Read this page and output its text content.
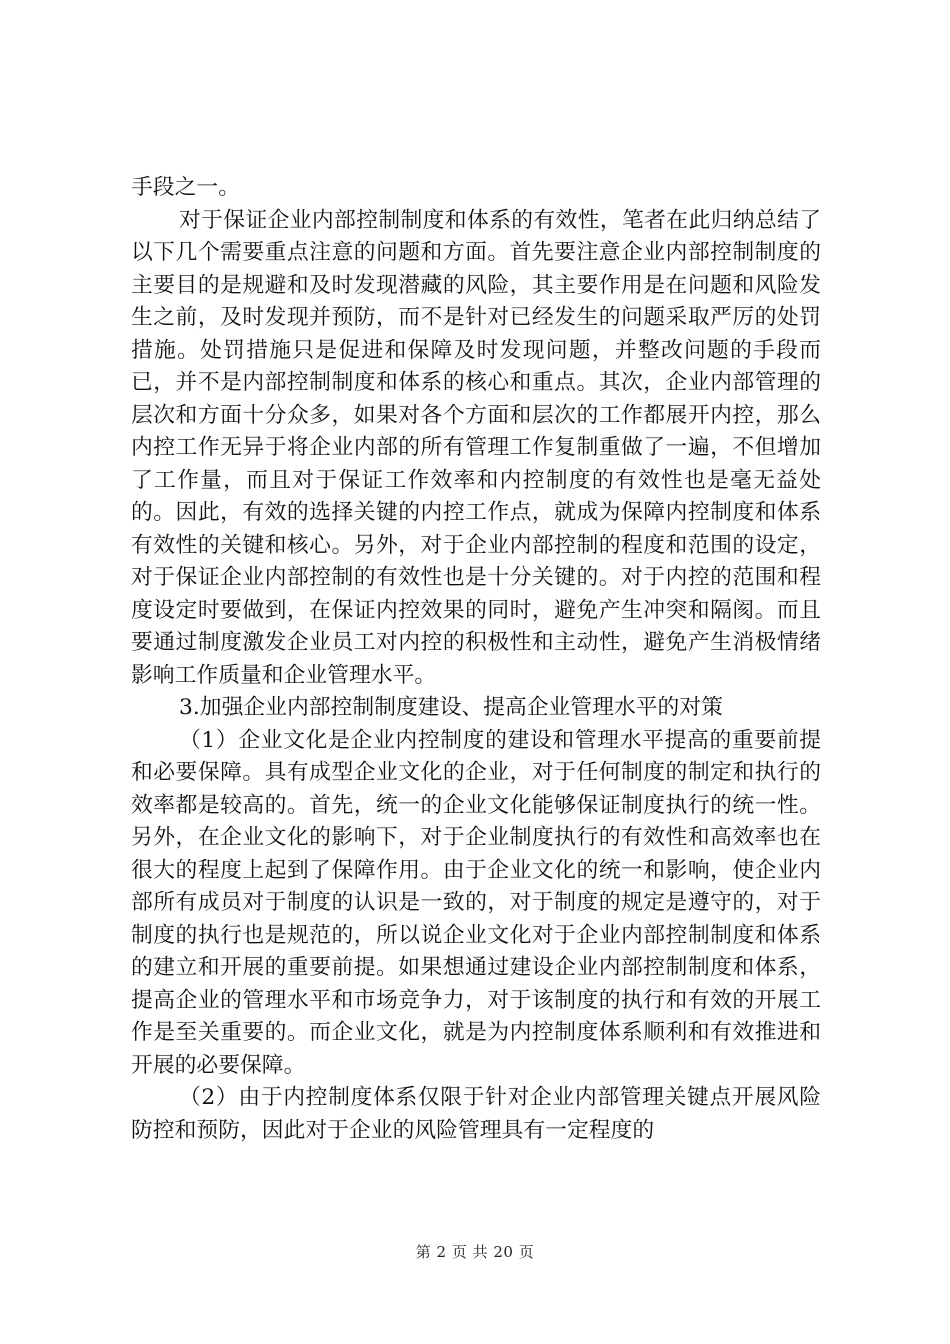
手段之一。

对于保证企业内部控制制度和体系的有效性，笔者在此归纳总结了以下几个需要重点注意的问题和方面。首先要注意企业内部控制制度的主要目的是规避和及时发现潜藏的风险，其主要作用是在问题和风险发生之前，及时发现并预防，而不是针对已经发生的问题采取严厉的处罚措施。处罚措施只是促进和保障及时发现问题，并整改问题的手段而已，并不是内部控制制度和体系的核心和重点。其次，企业内部管理的层次和方面十分众多，如果对各个方面和层次的工作都展开内控，那么内控工作无异于将企业内部的所有管理工作复制重做了一遍，不但增加了工作量，而且对于保证工作效率和内控制度的有效性也是毫无益处的。因此，有效的选择关键的内控工作点，就成为保障内控制度和体系有效性的关键和核心。另外，对于企业内部控制的程度和范围的设定，对于保证企业内部控制的有效性也是十分关键的。对于内控的范围和程度设定时要做到，在保证内控效果的同时，避免产生冲突和隔阂。而且要通过制度激发企业员工对内控的积极性和主动性，避免产生消极情绪影响工作质量和企业管理水平。

3.加强企业内部控制制度建设、提高企业管理水平的对策

（1）企业文化是企业内控制度的建设和管理水平提高的重要前提和必要保障。具有成型企业文化的企业，对于任何制度的制定和执行的效率都是较高的。首先，统一的企业文化能够保证制度执行的统一性。另外，在企业文化的影响下，对于企业制度执行的有效性和高效率也在很大的程度上起到了保障作用。由于企业文化的统一和影响，使企业内部所有成员对于制度的认识是一致的，对于制度的规定是遵守的，对于制度的执行也是规范的，所以说企业文化对于企业内部控制制度和体系的建立和开展的重要前提。如果想通过建设企业内部控制制度和体系，提高企业的管理水平和市场竞争力，对于该制度的执行和有效的开展工作是至关重要的。而企业文化，就是为内控制度体系顺利和有效推进和开展的必要保障。

（2）由于内控制度体系仅限于针对企业内部管理关键点开展风险防控和预防，因此对于企业的风险管理具有一定程度的

第 2 页 共 20 页
